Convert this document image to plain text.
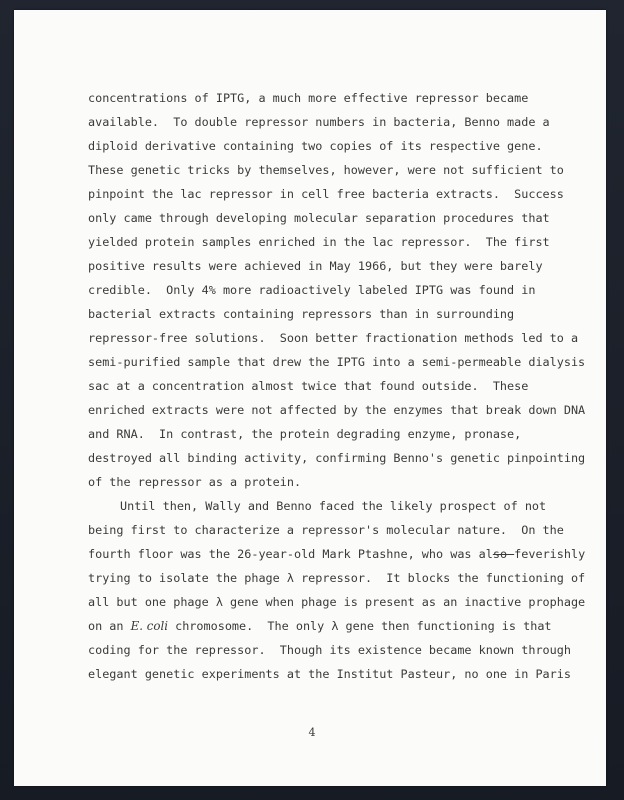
concentrations of IPTG, a much more effective repressor became
available.  To double repressor numbers in bacteria, Benno made a
diploid derivative containing two copies of its respective gene.
These genetic tricks by themselves, however, were not sufficient to
pinpoint the lac repressor in cell free bacteria extracts.  Success
only came through developing molecular separation procedures that
yielded protein samples enriched in the lac repressor.  The first
positive results were achieved in May 1966, but they were barely
credible.  Only 4% more radioactively labeled IPTG was found in
bacterial extracts containing repressors than in surrounding
repressor-free solutions.  Soon better fractionation methods led to a
semi-purified sample that drew the IPTG into a semi-permeable dialysis
sac at a concentration almost twice that found outside.  These
enriched extracts were not affected by the enzymes that break down DNA
and RNA.  In contrast, the protein degrading enzyme, pronase,
destroyed all binding activity, confirming Benno's genetic pinpointing
of the repressor as a protein.
Until then, Wally and Benno faced the likely prospect of not
being first to characterize a repressor's molecular nature.  On the
fourth floor was the 26-year-old Mark Ptashne, who was also feverishly
trying to isolate the phage λ repressor.  It blocks the functioning of
all but one phage λ gene when phage is present as an inactive prophage
on an E. coli chromosome.  The only λ gene then functioning is that
coding for the repressor.  Though its existence became known through
elegant genetic experiments at the Institut Pasteur, no one in Paris
4
